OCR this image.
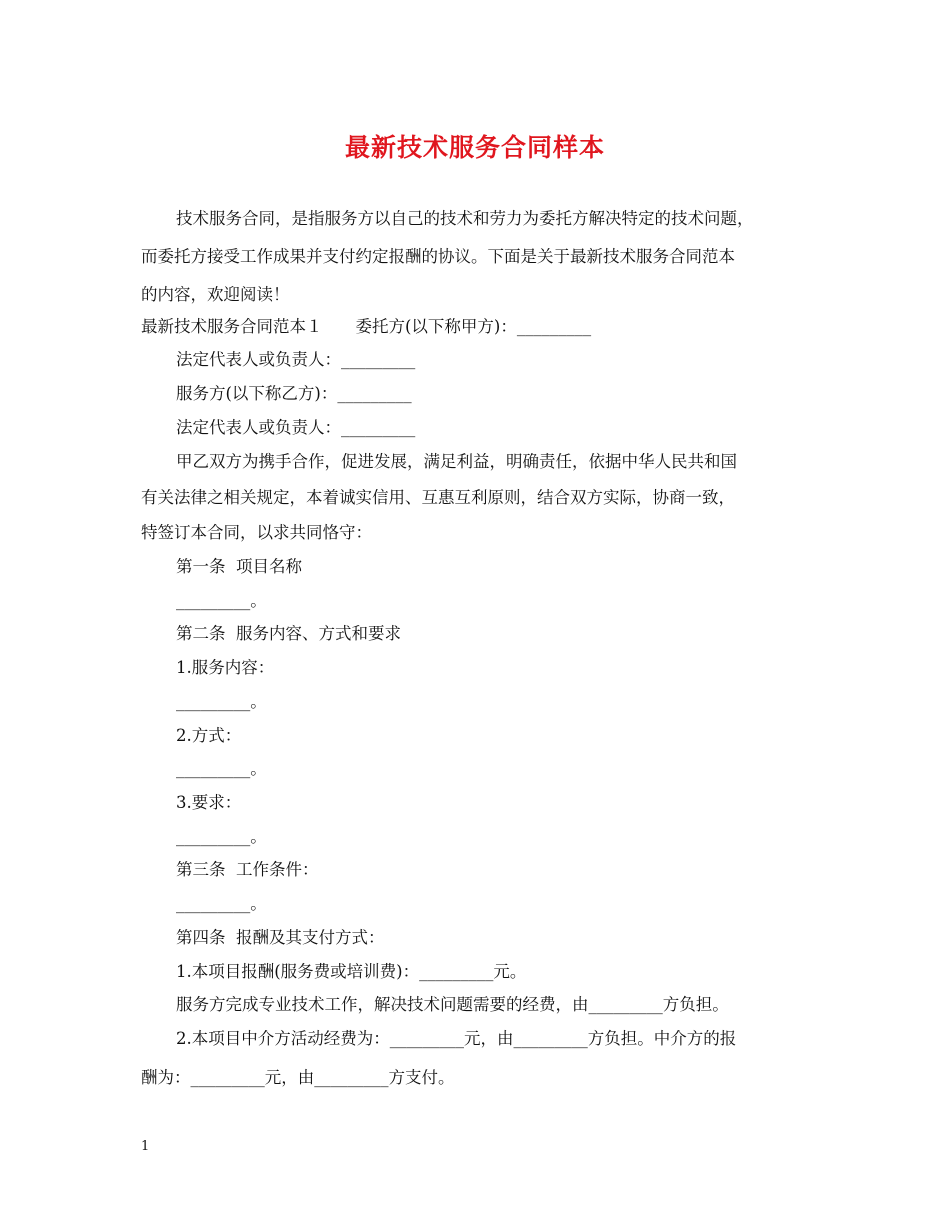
最新技术服务合同样本
技术服务合同，是指服务方以自己的技术和劳力为委托方解决特定的技术问题，
而委托方接受工作成果并支付约定报酬的协议。下面是关于最新技术服务合同范本
的内容，欢迎阅读！
最新技术服务合同范本１　　委托方(以下称甲方)：_________
法定代表人或负责人：_________
服务方(以下称乙方)：_________
法定代表人或负责人：_________
甲乙双方为携手合作，促进发展，满足利益，明确责任，依据中华人民共和国
有关法律之相关规定，本着诚实信用、互惠互利原则，结合双方实际，协商一致，
特签订本合同，以求共同恪守：
第一条  项目名称
_________。
第二条  服务内容、方式和要求
1.服务内容：
_________。
2.方式：
_________。
3.要求：
_________。
第三条  工作条件：
_________。
第四条  报酬及其支付方式：
1.本项目报酬(服务费或培训费)：_________元。
服务方完成专业技术工作，解决技术问题需要的经费，由_________方负担。
2.本项目中介方活动经费为：_________元，由_________方负担。中介方的报
酬为：_________元，由_________方支付。
1
